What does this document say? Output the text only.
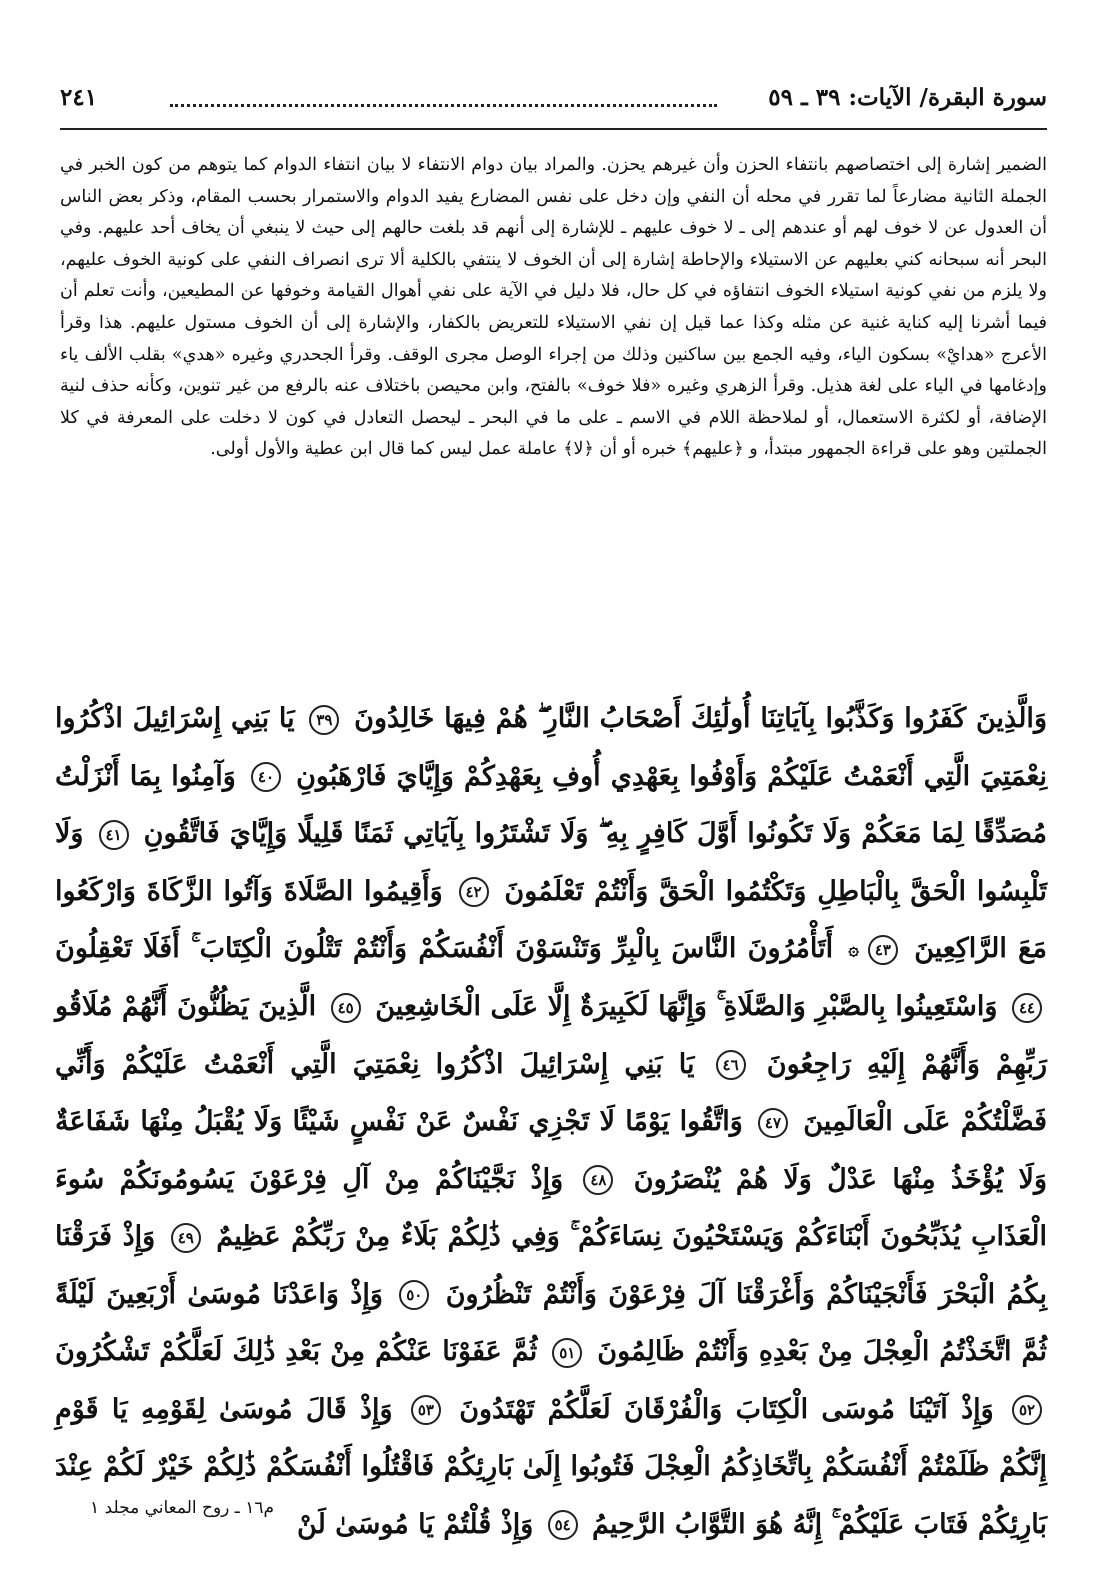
سورة البقرة/ الآيات: ٣٩ ـ ٥٩
٢٤١

الضمير إشارة إلى اختصاصهم بانتفاء الحزن وأن غيرهم يحزن. والمراد بيان دوام الانتفاء لا بيان انتفاء الدوام كما يتوهم من كون الخبر في الجملة الثانية مضارعاً لما تقرر في محله أن النفي وإن دخل على نفس المضارع يفيد الدوام والاستمرار بحسب المقام، وذكر بعض الناس أن العدول عن لا خوف لهم أو عندهم إلى ـ لا خوف عليهم ـ للإشارة إلى أنهم قد بلغت حالهم إلى حيث لا ينبغي أن يخاف أحد عليهم. وفي البحر أنه سبحانه كني بعليهم عن الاستيلاء والإحاطة إشارة إلى أن الخوف لا ينتفي بالكلية ألا ترى انصراف النفي على كونية الخوف عليهم، ولا يلزم من نفي كونية استيلاء الخوف انتفاؤه في كل حال، فلا دليل في الآية على نفي أهوال القيامة وخوفها عن المطيعين، وأنت تعلم أن فيما أشرنا إليه كناية غنية عن مثله وكذا عما قيل إن نفي الاستيلاء للتعريض بالكفار، والإشارة إلى أن الخوف مستول عليهم. هذا وقرأ الأعرج «هدايْ» بسكون الياء، وفيه الجمع بين ساكنين وذلك من إجراء الوصل مجرى الوقف. وقرأ الجحدري وغيره «هدي» بقلب الألف ياء وإدغامها في الياء على لغة هذيل. وقرأ الزهري وغيره «فلا خوف» بالفتح، وابن محيصن باختلاف عنه بالرفع من غير تنوين، وكأنه حذف لنية الإضافة، أو لكثرة الاستعمال، أو لملاحظة اللام في الاسم ـ على ما في البحر ـ ليحصل التعادل في كون لا دخلت على المعرفة في كلا الجملتين وهو على قراءة الجمهور مبتدأ، و ﴿عليهم﴾ خبره أو أن ﴿لا﴾ عاملة عمل ليس كما قال ابن عطية والأول أولى.

وَالَّذِينَ كَفَرُوا وَكَذَّبُوا بِآيَاتِنَا أُولَٰئِكَ أَصْحَابُ النَّارِ ۖ هُمْ فِيهَا خَالِدُونَ ٣٩ يَا بَنِي إِسْرَائِيلَ اذْكُرُوا نِعْمَتِيَ الَّتِي أَنْعَمْتُ عَلَيْكُمْ وَأَوْفُوا بِعَهْدِي أُوفِ بِعَهْدِكُمْ وَإِيَّايَ فَارْهَبُونِ ٤٠ وَآمِنُوا بِمَا أَنْزَلْتُ مُصَدِّقًا لِمَا مَعَكُمْ وَلَا تَكُونُوا أَوَّلَ كَافِرٍ بِهِ ۖ وَلَا تَشْتَرُوا بِآيَاتِي ثَمَنًا قَلِيلًا وَإِيَّايَ فَاتَّقُونِ ٤١ وَلَا تَلْبِسُوا الْحَقَّ بِالْبَاطِلِ وَتَكْتُمُوا الْحَقَّ وَأَنْتُمْ تَعْلَمُونَ ٤٢ وَأَقِيمُوا الصَّلَاةَ وَآتُوا الزَّكَاةَ وَارْكَعُوا مَعَ الرَّاكِعِينَ ٤٣۞ أَتَأْمُرُونَ النَّاسَ بِالْبِرِّ وَتَنْسَوْنَ أَنْفُسَكُمْ وَأَنْتُمْ تَتْلُونَ الْكِتَابَ ۚ أَفَلَا تَعْقِلُونَ ٤٤ وَاسْتَعِينُوا بِالصَّبْرِ وَالصَّلَاةِ ۚ وَإِنَّهَا لَكَبِيرَةٌ إِلَّا عَلَى الْخَاشِعِينَ ٤٥ الَّذِينَ يَظُنُّونَ أَنَّهُمْ مُلَاقُو رَبِّهِمْ وَأَنَّهُمْ إِلَيْهِ رَاجِعُونَ ٤٦ يَا بَنِي إِسْرَائِيلَ اذْكُرُوا نِعْمَتِيَ الَّتِي أَنْعَمْتُ عَلَيْكُمْ وَأَنِّي فَضَّلْتُكُمْ عَلَى الْعَالَمِينَ ٤٧ وَاتَّقُوا يَوْمًا لَا تَجْزِي نَفْسٌ عَنْ نَفْسٍ شَيْئًا وَلَا يُقْبَلُ مِنْهَا شَفَاعَةٌ وَلَا يُؤْخَذُ مِنْهَا عَدْلٌ وَلَا هُمْ يُنْصَرُونَ ٤٨ وَإِذْ نَجَّيْنَاكُمْ مِنْ آلِ فِرْعَوْنَ يَسُومُونَكُمْ سُوءَ الْعَذَابِ يُذَبِّحُونَ أَبْنَاءَكُمْ وَيَسْتَحْيُونَ نِسَاءَكُمْ ۚ وَفِي ذَٰلِكُمْ بَلَاءٌ مِنْ رَبِّكُمْ عَظِيمٌ ٤٩ وَإِذْ فَرَقْنَا بِكُمُ الْبَحْرَ فَأَنْجَيْنَاكُمْ وَأَغْرَقْنَا آلَ فِرْعَوْنَ وَأَنْتُمْ تَنْظُرُونَ ٥٠ وَإِذْ وَاعَدْنَا مُوسَىٰ أَرْبَعِينَ لَيْلَةً ثُمَّ اتَّخَذْتُمُ الْعِجْلَ مِنْ بَعْدِهِ وَأَنْتُمْ ظَالِمُونَ ٥١ ثُمَّ عَفَوْنَا عَنْكُمْ مِنْ بَعْدِ ذَٰلِكَ لَعَلَّكُمْ تَشْكُرُونَ ٥٢ وَإِذْ آتَيْنَا مُوسَى الْكِتَابَ وَالْفُرْقَانَ لَعَلَّكُمْ تَهْتَدُونَ ٥٣ وَإِذْ قَالَ مُوسَىٰ لِقَوْمِهِ يَا قَوْمِ إِنَّكُمْ ظَلَمْتُمْ أَنْفُسَكُمْ بِاتِّخَاذِكُمُ الْعِجْلَ فَتُوبُوا إِلَىٰ بَارِئِكُمْ فَاقْتُلُوا أَنْفُسَكُمْ ذَٰلِكُمْ خَيْرٌ لَكُمْ عِنْدَ بَارِئِكُمْ فَتَابَ عَلَيْكُمْ ۚ إِنَّهُ هُوَ التَّوَّابُ الرَّحِيمُ ٥٤ وَإِذْ قُلْتُمْ يَا مُوسَىٰ لَنْ
م١٦ ـ روح المعاني مجلد ١
